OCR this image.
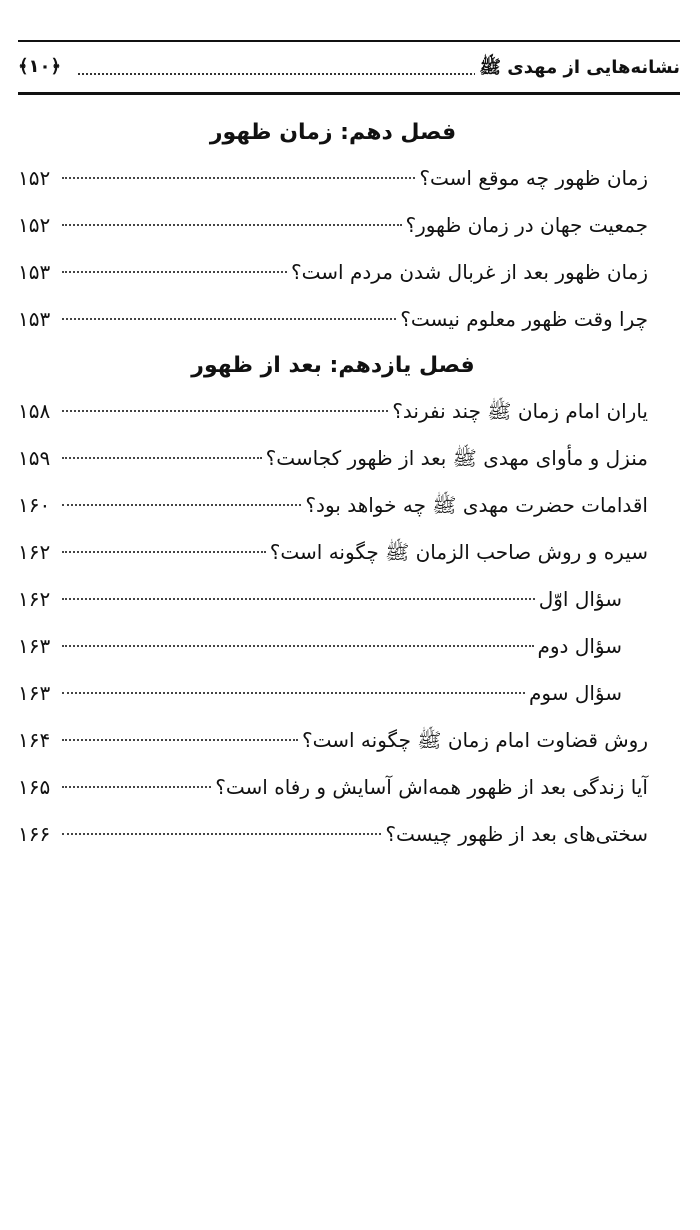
نشانه‌هایی از مهدی ﷺ
﴿۱۰﴾
فصل دهم: زمان ظهور
زمان ظهور چه موقع است؟
۱۵۲
جمعیت جهان در زمان ظهور؟
۱۵۲
زمان ظهور بعد از غربال شدن مردم است؟
۱۵۳
چرا وقت ظهور معلوم نیست؟
۱۵۳
فصل یازدهم: بعد از ظهور
یاران امام زمان ﷺ چند نفرند؟
۱۵۸
منزل و مأوای مهدی ﷺ بعد از ظهور کجاست؟
۱۵۹
اقدامات حضرت مهدی ﷺ چه خواهد بود؟
۱۶۰
سیره و روش صاحب الزمان ﷺ چگونه است؟
۱۶۲
سؤال اوّل
۱۶۲
سؤال دوم
۱۶۳
سؤال سوم
۱۶۳
روش قضاوت امام زمان ﷺ چگونه است؟
۱۶۴
آیا زندگی بعد از ظهور همه‌اش آسایش و رفاه است؟
۱۶۵
سختی‌های بعد از ظهور چیست؟
۱۶۶
